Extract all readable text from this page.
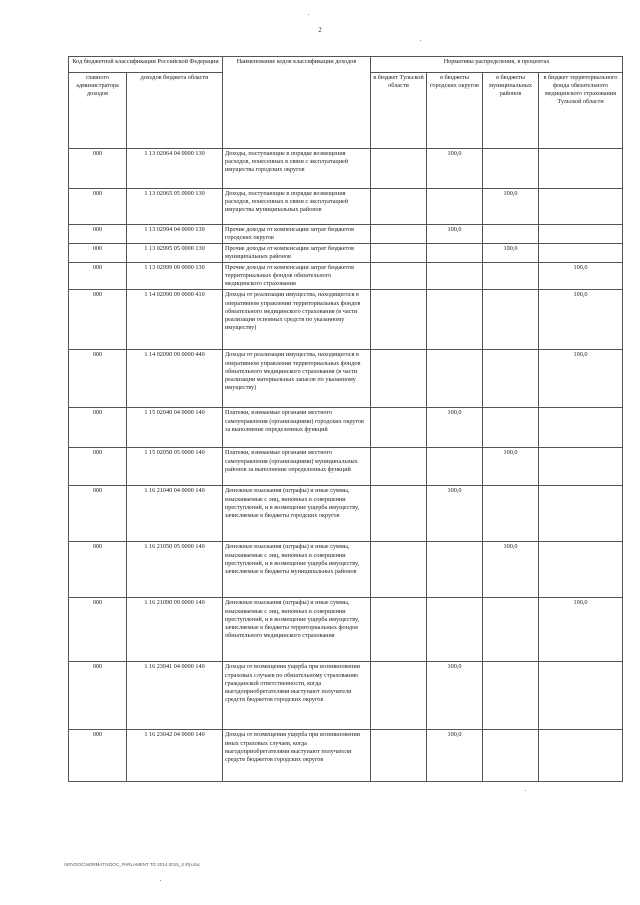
2
Код бюджетной классификации Российской Федерации		Наименование кодов классификации доходов	Нормативы распределения, в процентах			
главного администратора доходов	доходов бюджета области		в бюджет Тульской области	в бюджеты городских округов	в бюджеты муниципальных районов	в бюджет территориального фонда обязательного медицинского страхования Тульской области
000	1 13 02064 04 0000 130	Доходы, поступающие в порядке возмещения расходов, понесенных в связи с эксплуатацией имущества городских округов		100,0		
000	1 13 02065 05 0000 130	Доходы, поступающие в порядке возмещения расходов, понесенных в связи с эксплуатацией имущества муниципальных районов			100,0	
000	1 13 02994 04 0000 130	Прочие доходы от компенсации затрат бюджетов городских округов		100,0		
000	1 13 02995 05 0000 130	Прочие доходы от компенсации затрат бюджетов муниципальных районов			100,0	
000	1 13 02999 09 0000 130	Прочие доходы от компенсации затрат бюджетов территориальных фондов обязательного медицинского страхования				100,0
000	1 14 02090 09 0000 410	Доходы от реализации имущества, находящегося в оперативном управлении территориальных фондов обязательного медицинского страхования (в части реализации основных средств по указанному имуществу)				100,0
000	1 14 02090 09 0000 440	Доходы от реализации имущества, находящегося в оперативном управлении территориальных фондов обязательного медицинского страхования (в части реализации материальных запасов по указанному имуществу)				100,0
000	1 15 02040 04 0000 140	Платежи, взимаемые органами местного самоуправления (организациями) городских округов за выполнение определенных функций		100,0		
000	1 15 02050 05 0000 140	Платежи, взимаемые органами местного самоуправления (организациями) муниципальных районов за выполнение определенных функций			100,0	
000	1 16 21040 04 0000 140	Денежные взыскания (штрафы) и иные суммы, взыскиваемые с лиц, виновных в совершении преступлений, и в возмещение ущерба имуществу, зачисляемые в бюджеты городских округов		100,0		
000	1 16 21050 05 0000 140	Денежные взыскания (штрафы) и иные суммы, взыскиваемые с лиц, виновных в совершении преступлений, и в возмещение ущерба имуществу, зачисляемые в бюджеты муниципальных районов			100,0	
000	1 16 21090 09 0000 140	Денежные взыскания (штрафы) и иные суммы, взыскиваемые с лиц, виновных в совершении преступлений, и в возмещение ущерба имуществу, зачисляемые в бюджеты территориальных фондов обязательного медицинского страхования				100,0
000	1 16 23041 04 0000 140	Доходы от возмещения ущерба при возникновении страховых случаев по обязательному страхованию гражданской ответственности, когда выгодоприобретателями выступают получатели средств бюджетов городских округов		100,0		
000	1 16 23042 04 0000 140	Доходы от возмещения ущерба при возникновении иных страховых случаев, когда выгодоприобретателями выступают получатели средств бюджетов городских округов		100,0		
\SRVDOC\NORMATIVDOC_PARLAMENT TO 2014-2015_3 \Pp.doc
